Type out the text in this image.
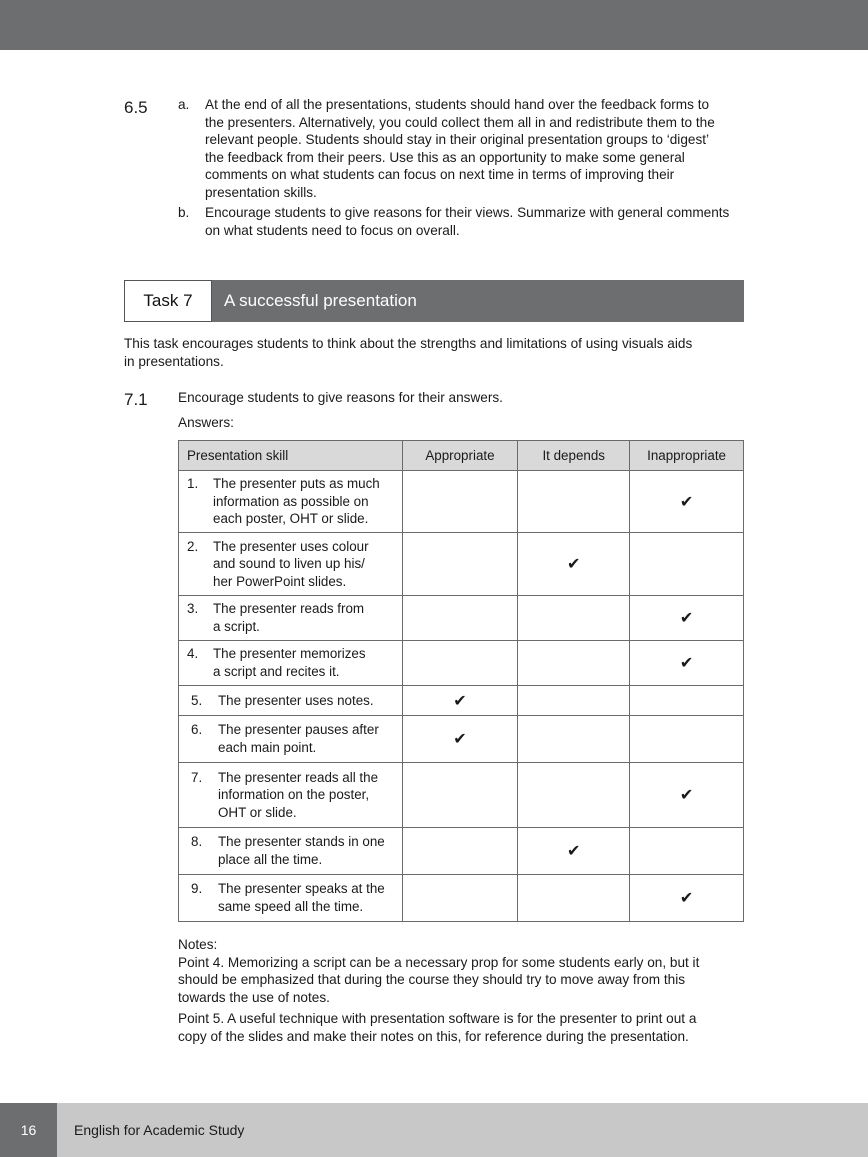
6.5 a. At the end of all the presentations, students should hand over the feedback forms to
the presenters. Alternatively, you could collect them all in and redistribute them to the
relevant people. Students should stay in their original presentation groups to ‘digest’
the feedback from their peers. Use this as an opportunity to make some general
comments on what students can focus on next time in terms of improving their
presentation skills.
b. Encourage students to give reasons for their views. Summarize with general comments
on what students need to focus on overall.
Task 7	A successful presentation
This task encourages students to think about the strengths and limitations of using visuals aids
in presentations.
7.1 Encourage students to give reasons for their answers.
Answers:
Presentation skill	Appropriate	It depends	Inappropriate

1. The presenter puts as much
information as possible on
each poster, OHT or slide.			✔

2. The presenter uses colour
and sound to liven up his/
her PowerPoint slides.		✔	

3. The presenter reads from
a script.			✔

4. The presenter memorizes
a script and recites it.			✔

5. The presenter uses notes.	✔		

6. The presenter pauses after
each main point.	✔		

7. The presenter reads all the
information on the poster,
OHT or slide.			✔

8. The presenter stands in one
place all the time.		✔	

9. The presenter speaks at the
same speed all the time.			✔
Notes:
Point 4. Memorizing a script can be a necessary prop for some students early on, but it
should be emphasized that during the course they should try to move away from this
towards the use of notes.
Point 5. A useful technique with presentation software is for the presenter to print out a
copy of the slides and make their notes on this, for reference during the presentation.
16	English for Academic Study
